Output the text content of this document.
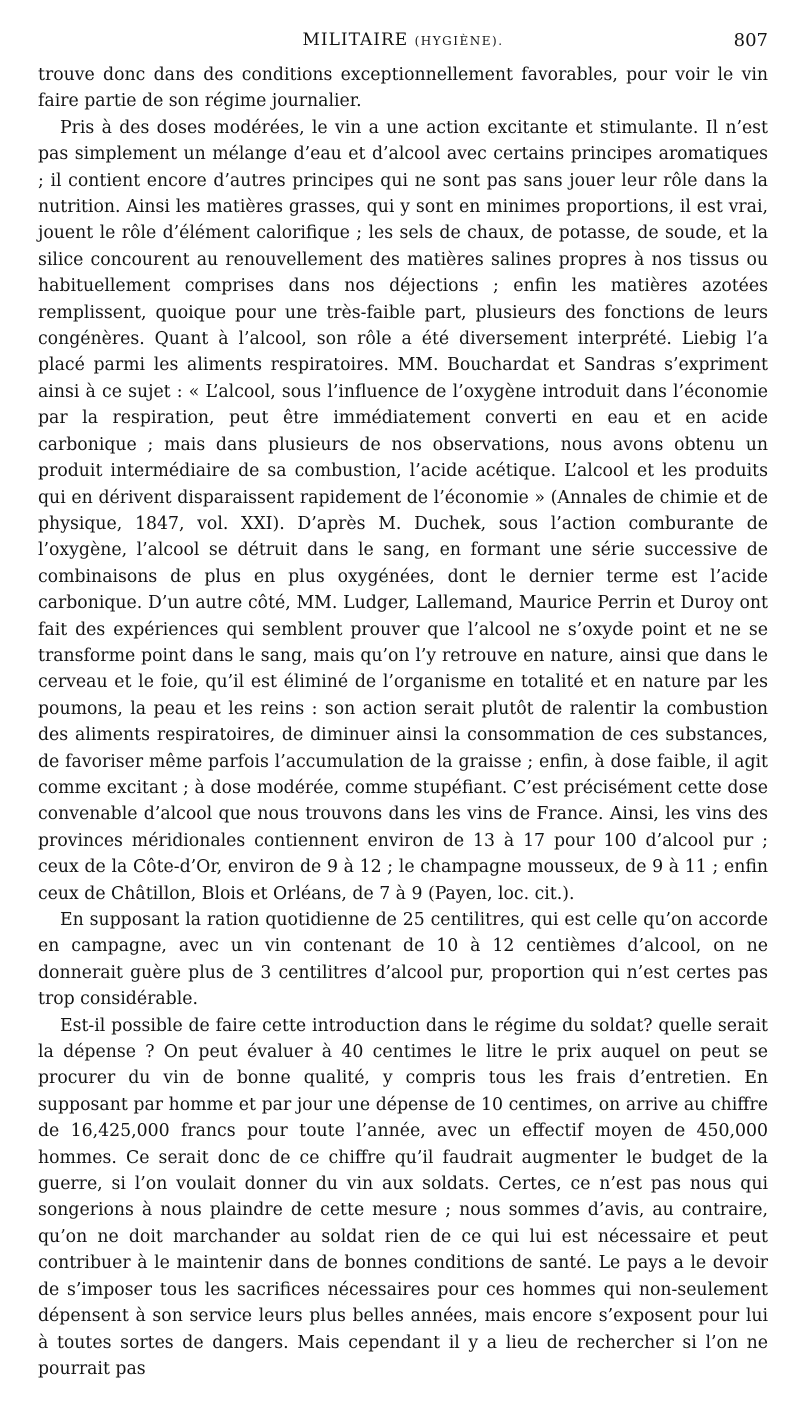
MILITAIRE (HYGIÈNE).	807

trouve donc dans des conditions exceptionnellement favorables, pour voir le vin faire partie de son régime journalier.

Pris à des doses modérées, le vin a une action excitante et stimulante. Il n’est pas simplement un mélange d’eau et d’alcool avec certains principes aromatiques ; il contient encore d’autres principes qui ne sont pas sans jouer leur rôle dans la nutrition. Ainsi les matières grasses, qui y sont en minimes proportions, il est vrai, jouent le rôle d’élément calorifique ; les sels de chaux, de potasse, de soude, et la silice concourent au renouvellement des matières salines propres à nos tissus ou habituellement comprises dans nos déjections ; enfin les matières azotées remplissent, quoique pour une très-faible part, plusieurs des fonctions de leurs congénères. Quant à l’alcool, son rôle a été diversement interprété. Liebig l’a placé parmi les aliments respiratoires. MM. Bouchardat et Sandras s’expriment ainsi à ce sujet : « L’alcool, sous l’influence de l’oxygène introduit dans l’économie par la respiration, peut être immédiatement converti en eau et en acide carbonique ; mais dans plusieurs de nos observations, nous avons obtenu un produit intermédiaire de sa combustion, l’acide acétique. L’alcool et les produits qui en dérivent disparaissent rapidement de l’économie » (Annales de chimie et de physique, 1847, vol. XXI). D’après M. Duchek, sous l’action comburante de l’oxygène, l’alcool se détruit dans le sang, en formant une série successive de combinaisons de plus en plus oxygénées, dont le dernier terme est l’acide carbonique. D’un autre côté, MM. Ludger, Lallemand, Maurice Perrin et Duroy ont fait des expériences qui semblent prouver que l’alcool ne s’oxyde point et ne se transforme point dans le sang, mais qu’on l’y retrouve en nature, ainsi que dans le cerveau et le foie, qu’il est éliminé de l’organisme en totalité et en nature par les poumons, la peau et les reins : son action serait plutôt de ralentir la combustion des aliments respiratoires, de diminuer ainsi la consommation de ces substances, de favoriser même parfois l’accumulation de la graisse ; enfin, à dose faible, il agit comme excitant ; à dose modérée, comme stupéfiant. C’est précisément cette dose convenable d’alcool que nous trouvons dans les vins de France. Ainsi, les vins des provinces méridionales contiennent environ de 13 à 17 pour 100 d’alcool pur ; ceux de la Côte-d’Or, environ de 9 à 12 ; le champagne mousseux, de 9 à 11 ; enfin ceux de Châtillon, Blois et Orléans, de 7 à 9 (Payen, loc. cit.).

En supposant la ration quotidienne de 25 centilitres, qui est celle qu’on accorde en campagne, avec un vin contenant de 10 à 12 centièmes d’alcool, on ne donnerait guère plus de 3 centilitres d’alcool pur, proportion qui n’est certes pas trop considérable.

Est-il possible de faire cette introduction dans le régime du soldat? quelle serait la dépense ? On peut évaluer à 40 centimes le litre le prix auquel on peut se procurer du vin de bonne qualité, y compris tous les frais d’entretien. En supposant par homme et par jour une dépense de 10 centimes, on arrive au chiffre de 16,425,000 francs pour toute l’année, avec un effectif moyen de 450,000 hommes. Ce serait donc de ce chiffre qu’il faudrait augmenter le budget de la guerre, si l’on voulait donner du vin aux soldats. Certes, ce n’est pas nous qui songerions à nous plaindre de cette mesure ; nous sommes d’avis, au contraire, qu’on ne doit marchander au soldat rien de ce qui lui est nécessaire et peut contribuer à le maintenir dans de bonnes conditions de santé. Le pays a le devoir de s’imposer tous les sacrifices nécessaires pour ces hommes qui non-seulement dépensent à son service leurs plus belles années, mais encore s’exposent pour lui à toutes sortes de dangers. Mais cependant il y a lieu de rechercher si l’on ne pourrait pas
